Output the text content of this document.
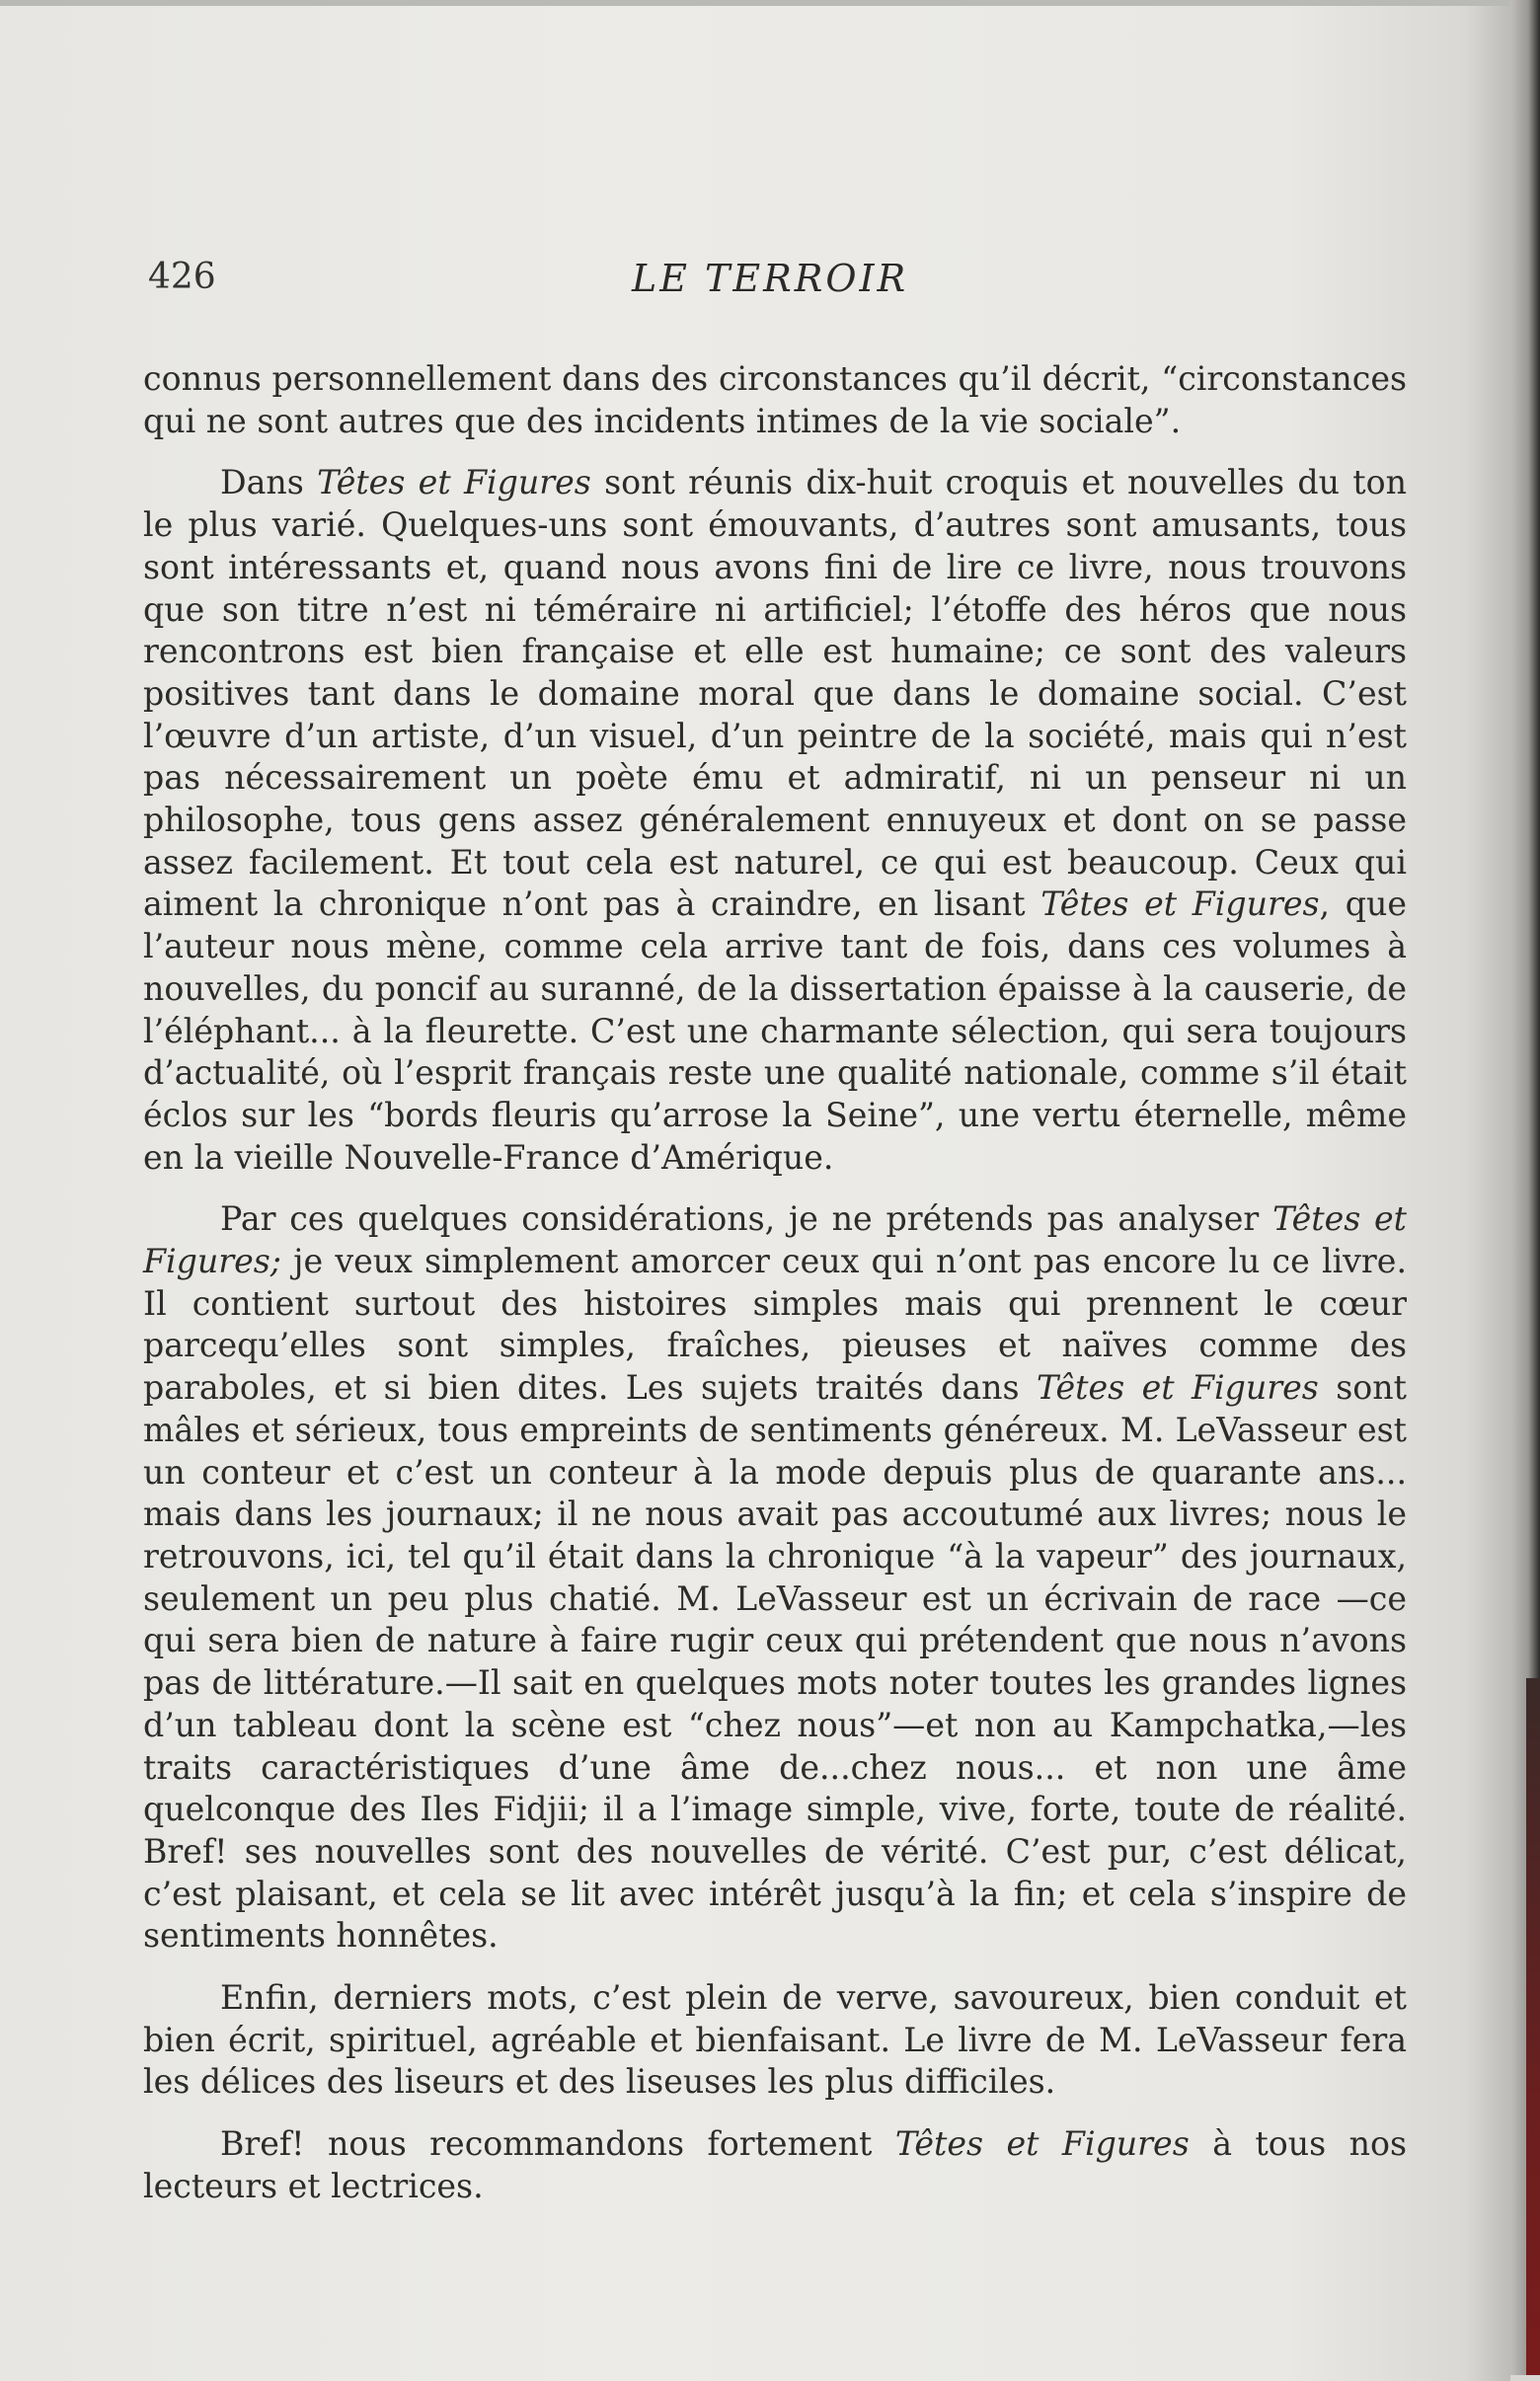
426	LE TERROIR

connus personnellement dans des circonstances qu’il décrit, “circonstances qui ne sont autres que des incidents intimes de la vie sociale”.

Dans Têtes et Figures sont réunis dix-huit croquis et nouvelles du ton le plus varié. Quelques-uns sont émouvants, d’autres sont amusants, tous sont intéressants et, quand nous avons fini de lire ce livre, nous trouvons que son titre n’est ni téméraire ni artificiel; l’étoffe des héros que nous rencontrons est bien française et elle est humaine; ce sont des valeurs positives tant dans le domaine moral que dans le domaine social. C’est l’œuvre d’un artiste, d’un visuel, d’un peintre de la société, mais qui n’est pas nécessairement un poète ému et admiratif, ni un penseur ni un philosophe, tous gens assez généralement ennuyeux et dont on se passe assez facilement. Et tout cela est naturel, ce qui est beaucoup. Ceux qui aiment la chronique n’ont pas à craindre, en lisant Têtes et Figures, que l’auteur nous mène, comme cela arrive tant de fois, dans ces volumes à nouvelles, du poncif au suranné, de la dissertation épaisse à la causerie, de l’éléphant... à la fleurette. C’est une charmante sélection, qui sera toujours d’actualité, où l’esprit français reste une qualité nationale, comme s’il était éclos sur les “bords fleuris qu’arrose la Seine”, une vertu éternelle, même en la vieille Nouvelle-France d’Amérique.

Par ces quelques considérations, je ne prétends pas analyser Têtes et Figures; je veux simplement amorcer ceux qui n’ont pas encore lu ce livre. Il contient surtout des histoires simples mais qui prennent le cœur parcequ’elles sont simples, fraîches, pieuses et naïves comme des paraboles, et si bien dites. Les sujets traités dans Têtes et Figures sont mâles et sérieux, tous empreints de sentiments généreux. M. LeVasseur est un conteur et c’est un conteur à la mode depuis plus de quarante ans... mais dans les journaux; il ne nous avait pas accoutumé aux livres; nous le retrouvons, ici, tel qu’il était dans la chronique “à la vapeur” des journaux, seulement un peu plus chatié. M. LeVasseur est un écrivain de race —ce qui sera bien de nature à faire rugir ceux qui prétendent que nous n’avons pas de littérature.—Il sait en quelques mots noter toutes les grandes lignes d’un tableau dont la scène est “chez nous”—et non au Kampchatka,—les traits caractéristiques d’une âme de...chez nous... et non une âme quelconque des Iles Fidjii; il a l’image simple, vive, forte, toute de réalité. Bref! ses nouvelles sont des nouvelles de vérité. C’est pur, c’est délicat, c’est plaisant, et cela se lit avec intérêt jusqu’à la fin; et cela s’inspire de sentiments honnêtes.

Enfin, derniers mots, c’est plein de verve, savoureux, bien conduit et bien écrit, spirituel, agréable et bienfaisant. Le livre de M. LeVasseur fera les délices des liseurs et des liseuses les plus difficiles.

Bref! nous recommandons fortement Têtes et Figures à tous nos lecteurs et lectrices.
